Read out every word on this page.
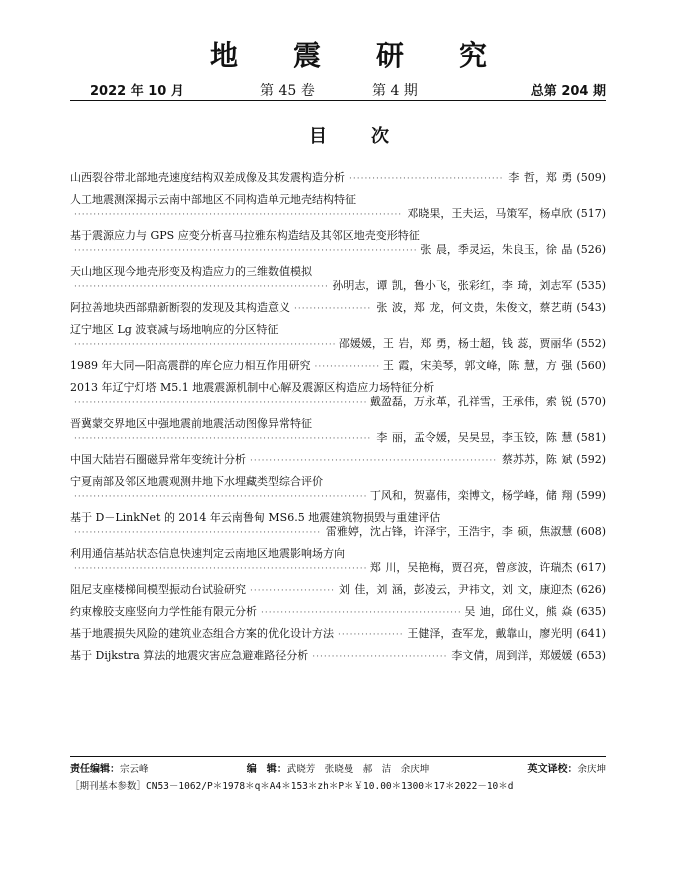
地 震 研 究
2022 年 10 月	第 45 卷	第 4 期	总第 204 期
目 次
山西裂谷带北部地壳速度结构双差成像及其发震构造分析 ·····	李 哲，郑 勇 (509)
人工地震测深揭示云南中部地区不同构造单元地壳结构特征
·····
邓晓果，王夫运，马策军，杨卓欣 (517)
基于震源应力与 GPS 应变分析喜马拉雅东构造结及其邻区地壳变形特征
·····
张 晨，季灵运，朱良玉，徐 晶 (526)
天山地区现今地壳形变及构造应力的三维数值模拟
·····
孙明志，谭 凯，鲁小飞，张彩红，李 琦，刘志军 (535)
阿拉善地块西部鼎新断裂的发现及其构造意义 ·····	张 波，郑 龙，何文贵，朱俊文，蔡艺萌 (543)
辽宁地区 Lg 波衰减与场地响应的分区特征
·····
邵媛媛，王 岩，郑 勇，杨士超，钱 蕊，贾丽华 (552)
1989 年大同—阳高震群的库仑应力相互作用研究 ·····	王 霞，宋美琴，郭文峰，陈 慧，方 强 (560)
2013 年辽宁灯塔 M5.1 地震震源机制中心解及震源区构造应力场特征分析
·····
戴盈磊，万永革，孔祥雪，王承伟，索 锐 (570)
晋冀蒙交界地区中强地震前地震活动图像异常特征
·····
李 丽，孟令媛，吴昊昱，李玉铰，陈 慧 (581)
中国大陆岩石圈磁异常年变统计分析 ·····	蔡苏苏，陈 斌 (592)
宁夏南部及邻区地震观测井地下水埋藏类型综合评价
·····
丁风和，贺嘉伟，栾博文，杨学峰，储 翔 (599)
基于 D－LinkNet 的 2014 年云南鲁甸 MS6.5 地震建筑物损毁与重建评估
·····
雷雅婷，沈占锋，许泽宇，王浩宇，李 硕，焦淑慧 (608)
利用通信基站状态信息快速判定云南地区地震影响场方向
·····
郑 川，吴艳梅，贾召亮，曾彦波，许瑞杰 (617)
阻尼支座楼梯间模型振动台试验研究 ·····	刘 佳，刘 涵，彭凌云，尹祎文，刘 文，康迎杰 (626)
约束橡胶支座竖向力学性能有限元分析 ·····	吴 迪，邱仕义，熊 焱 (635)
基于地震损失风险的建筑业态组合方案的优化设计方法 ·····	王健泽，查军龙，戴靠山，廖光明 (641)
基于 Dijkstra 算法的地震灾害应急避难路径分析 ·····	李文倩，周到洋，郑媛媛 (653)
责任编辑：宗云峰	编　辑：武晓芳　张晓曼　郝　洁　余庆坤	英文译校：余庆坤
［期刊基本参数］CN53－1062/P＊1978＊q＊A4＊153＊zh＊P＊￥10.00＊1300＊17＊2022－10＊d
